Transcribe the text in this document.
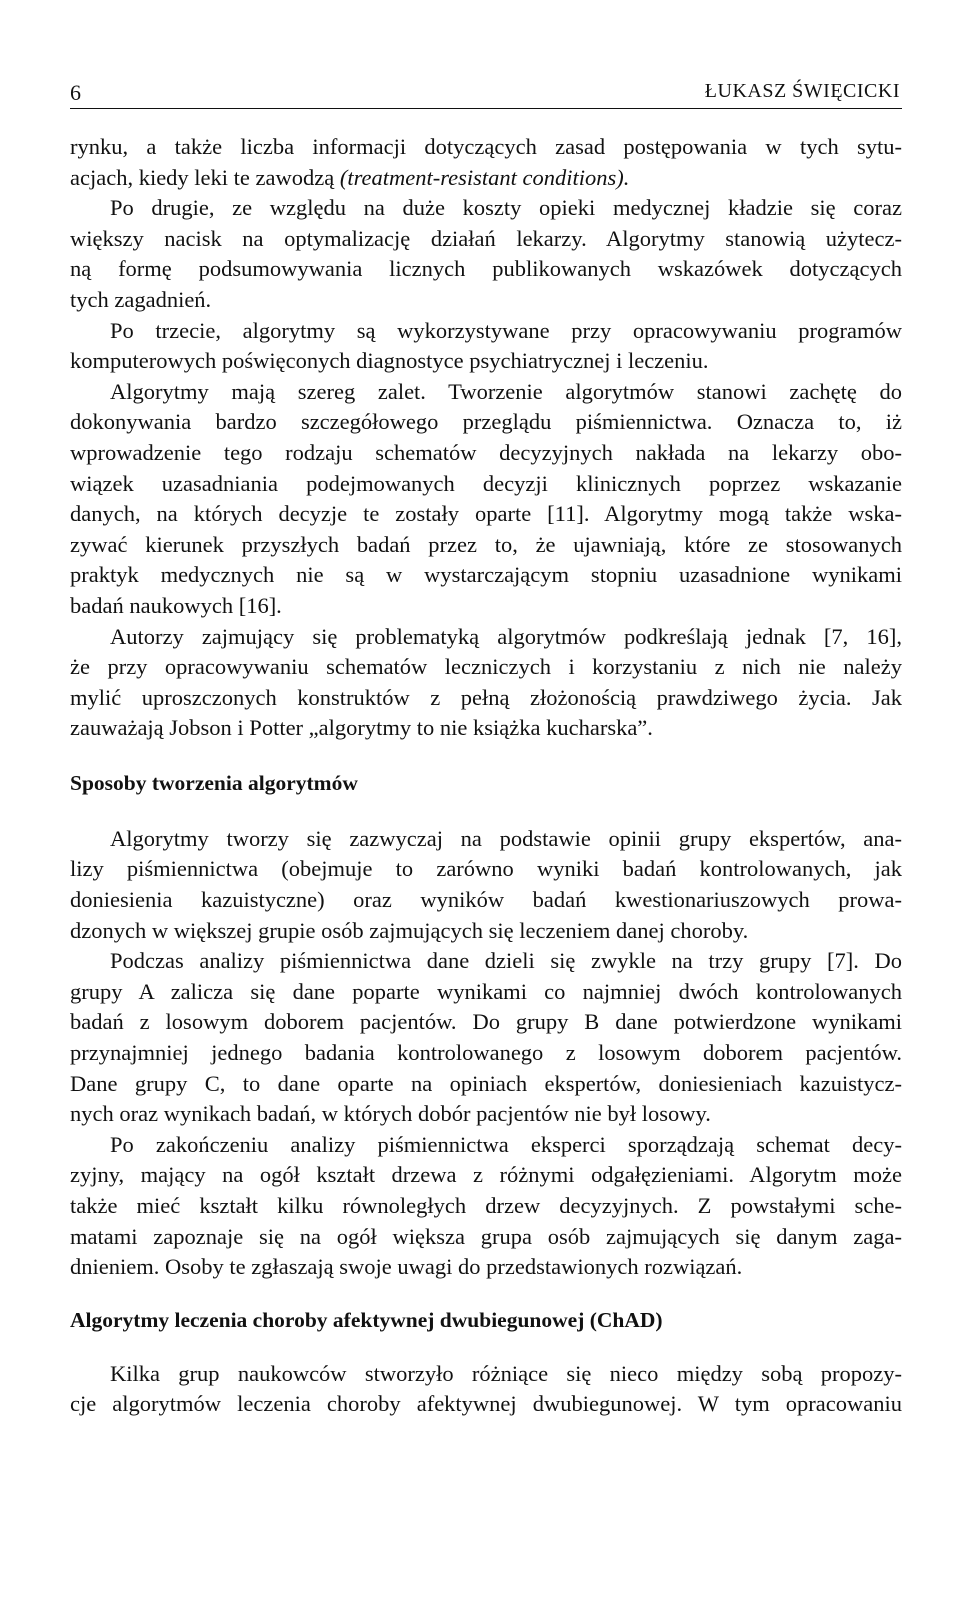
6	ŁUKASZ ŚWIĘCICKI
rynku, a także liczba informacji dotyczących zasad postępowania w tych sytu-
acjach, kiedy leki te zawodzą (treatment-resistant conditions).
Po drugie, ze względu na duże koszty opieki medycznej kładzie się coraz
większy nacisk na optymalizację działań lekarzy. Algorytmy stanowią użytecz-
ną formę podsumowywania licznych publikowanych wskazówek dotyczących
tych zagadnień.
Po trzecie, algorytmy są wykorzystywane przy opracowywaniu programów
komputerowych poświęconych diagnostyce psychiatrycznej i leczeniu.
Algorytmy mają szereg zalet. Tworzenie algorytmów stanowi zachętę do
dokonywania bardzo szczegółowego przeglądu piśmiennictwa. Oznacza to, iż
wprowadzenie tego rodzaju schematów decyzyjnych nakłada na lekarzy obo-
wiązek uzasadniania podejmowanych decyzji klinicznych poprzez wskazanie
danych, na których decyzje te zostały oparte [11]. Algorytmy mogą także wska-
zywać kierunek przyszłych badań przez to, że ujawniają, które ze stosowanych
praktyk medycznych nie są w wystarczającym stopniu uzasadnione wynikami
badań naukowych [16].
Autorzy zajmujący się problematyką algorytmów podkreślają jednak [7, 16],
że przy opracowywaniu schematów leczniczych i korzystaniu z nich nie należy
mylić uproszczonych konstruktów z pełną złożonością prawdziwego życia. Jak
zauważają Jobson i Potter „algorytmy to nie książka kucharska”.
Sposoby tworzenia algorytmów
Algorytmy tworzy się zazwyczaj na podstawie opinii grupy ekspertów, ana-
lizy piśmiennictwa (obejmuje to zarówno wyniki badań kontrolowanych, jak
doniesienia kazuistyczne) oraz wyników badań kwestionariuszowych prowa-
dzonych w większej grupie osób zajmujących się leczeniem danej choroby.
Podczas analizy piśmiennictwa dane dzieli się zwykle na trzy grupy [7]. Do
grupy A zalicza się dane poparte wynikami co najmniej dwóch kontrolowanych
badań z losowym doborem pacjentów. Do grupy B dane potwierdzone wynikami
przynajmniej jednego badania kontrolowanego z losowym doborem pacjentów.
Dane grupy C, to dane oparte na opiniach ekspertów, doniesieniach kazuistycz-
nych oraz wynikach badań, w których dobór pacjentów nie był losowy.
Po zakończeniu analizy piśmiennictwa eksperci sporządzają schemat decy-
zyjny, mający na ogół kształt drzewa z różnymi odgałęzieniami. Algorytm może
także mieć kształt kilku równoległych drzew decyzyjnych. Z powstałymi sche-
matami zapoznaje się na ogół większa grupa osób zajmujących się danym zaga-
dnieniem. Osoby te zgłaszają swoje uwagi do przedstawionych rozwiązań.
Algorytmy leczenia choroby afektywnej dwubiegunowej (ChAD)
Kilka grup naukowców stworzyło różniące się nieco między sobą propozy-
cje algorytmów leczenia choroby afektywnej dwubiegunowej. W tym opracowaniu
